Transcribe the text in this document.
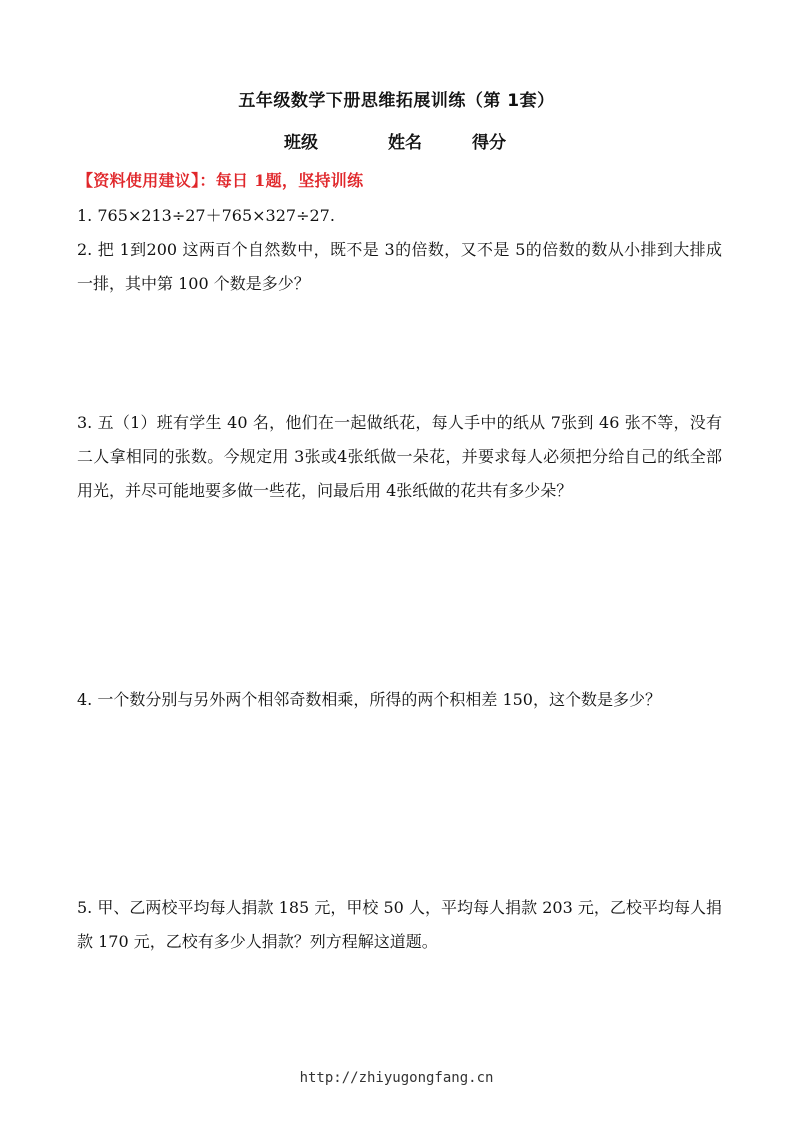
五年级数学下册思维拓展训练（第 1套）
班级	姓名	得分
【资料使用建议】：每日 1题，坚持训练
1. 765×213÷27＋765×327÷27.
2. 把 1到200 这两百个自然数中，既不是 3的倍数，又不是 5的倍数的数从小排到大排成一排，其中第 100 个数是多少？
3. 五（1）班有学生 40 名，他们在一起做纸花，每人手中的纸从 7张到 46 张不等，没有二人拿相同的张数。今规定用 3张或4张纸做一朵花，并要求每人必须把分给自己的纸全部用光，并尽可能地要多做一些花，问最后用 4张纸做的花共有多少朵？
4. 一个数分别与另外两个相邻奇数相乘，所得的两个积相差 150，这个数是多少？
5. 甲、乙两校平均每人捐款 185 元，甲校 50 人，平均每人捐款 203 元，乙校平均每人捐款 170 元，乙校有多少人捐款？列方程解这道题。
http://zhiyugongfang.cn
